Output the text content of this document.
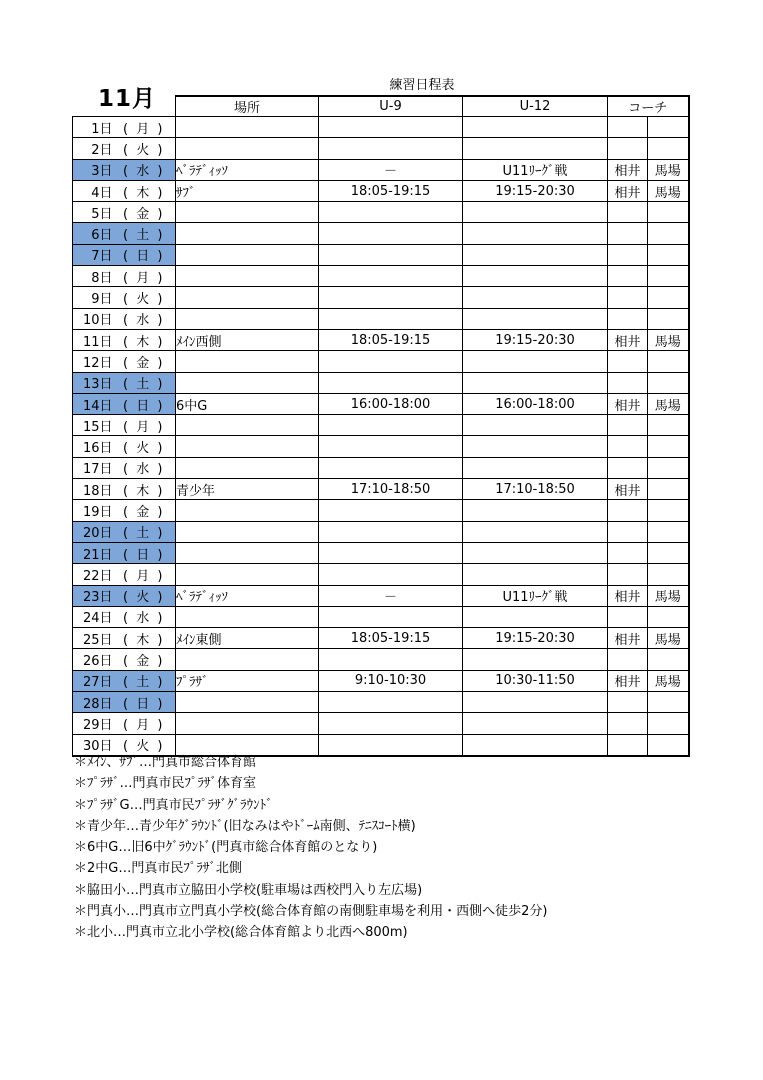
11月
練習日程表
		場所	U-9	U-12	コーチ	
1日	( 月 )					
2日	( 火 )					
3日	( 水 )	ﾍﾞﾗﾃﾞｨｯｿ	－	U11ﾘｰｸﾞ戦	相井	馬場
4日	( 木 )	ｻﾌﾞ	18:05-19:15	19:15-20:30	相井	馬場
5日	( 金 )					
6日	( 土 )					
7日	( 日 )					
8日	( 月 )					
9日	( 火 )					
10日	( 水 )					
11日	( 木 )	ﾒｲﾝ西側	18:05-19:15	19:15-20:30	相井	馬場
12日	( 金 )					
13日	( 土 )					
14日	( 日 )	6中G	16:00-18:00	16:00-18:00	相井	馬場
15日	( 月 )					
16日	( 火 )					
17日	( 水 )					
18日	( 木 )	青少年	17:10-18:50	17:10-18:50	相井	
19日	( 金 )					
20日	( 土 )					
21日	( 日 )					
22日	( 月 )					
23日	( 火 )	ﾍﾞﾗﾃﾞｨｯｿ	－	U11ﾘｰｸﾞ戦	相井	馬場
24日	( 水 )					
25日	( 木 )	ﾒｲﾝ東側	18:05-19:15	19:15-20:30	相井	馬場
26日	( 金 )					
27日	( 土 )	ﾌﾟﾗｻﾞ	9:10-10:30	10:30-11:50	相井	馬場
28日	( 日 )					
29日	( 月 )					
30日	( 火 )					
＊ﾒｲﾝ、ｻﾌﾞ…門真市総合体育館
＊ﾌﾟﾗｻﾞ…門真市民ﾌﾟﾗｻﾞ体育室
＊ﾌﾟﾗｻﾞG…門真市民ﾌﾟﾗｻﾞｸﾞﾗｳﾝﾄﾞ
＊青少年…青少年ｸﾞﾗｳﾝﾄﾞ(旧なみはやﾄﾞｰﾑ南側、ﾃﾆｽｺｰﾄ横)
＊6中G…旧6中ｸﾞﾗｳﾝﾄﾞ(門真市総合体育館のとなり)
＊2中G…門真市民ﾌﾟﾗｻﾞ北側
＊脇田小…門真市立脇田小学校(駐車場は西校門入り左広場)
＊門真小…門真市立門真小学校(総合体育館の南側駐車場を利用・西側へ徒歩2分)
＊北小…門真市立北小学校(総合体育館より北西へ800m)
